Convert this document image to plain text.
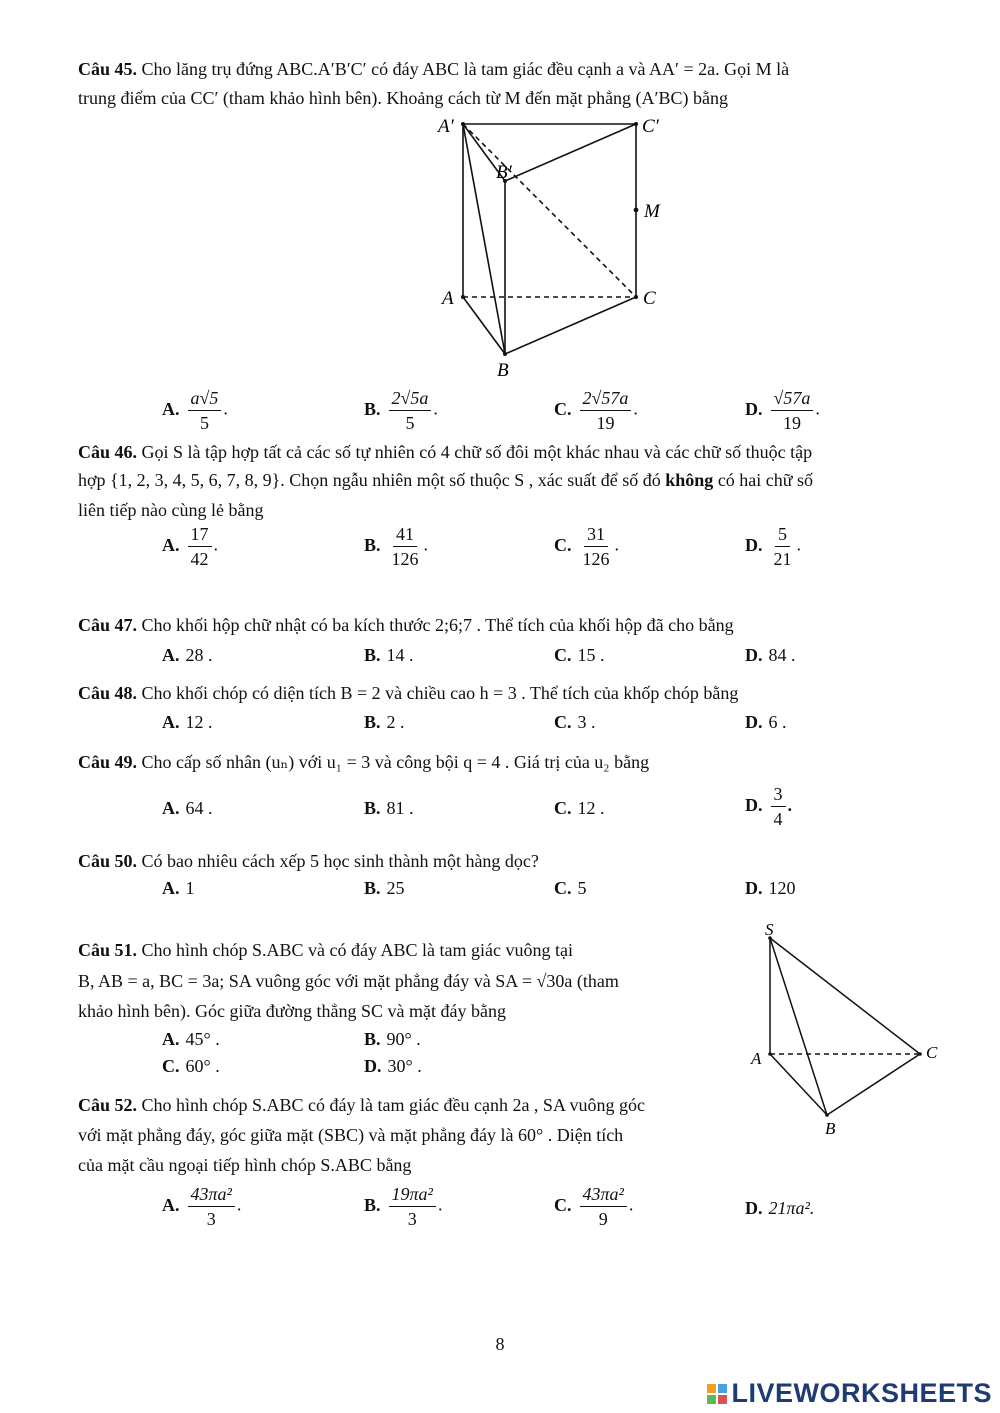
Câu 45. Cho lăng trụ đứng ABC.A′B′C′ có đáy ABC là tam giác đều cạnh a và AA′ = 2a. Gọi M là
trung điểm của CC′ (tham khảo hình bên). Khoảng cách từ M đến mặt phẳng (A′BC) bằng
A′	C′
B′
M
A	C
B
A. $\frac{a√5}{5}$ .	B. $\frac{2√5a}{5}$ .	C. $\frac{2√57a}{19}$ .	D. $\frac{√57a}{19}$ .
Câu 46. Gọi S là tập hợp tất cả các số tự nhiên có 4 chữ số đôi một khác nhau và các chữ số thuộc tập
hợp {1, 2, 3, 4, 5, 6, 7, 8, 9}. Chọn ngẫu nhiên một số thuộc S , xác suất để số đó không có hai chữ số
liên tiếp nào cùng lẻ bằng
A. $\frac{17}{42}$ .	B. $\frac{41}{126}$ .	C. $\frac{31}{126}$ .	D. $\frac{5}{21}$ .
Câu 47. Cho khối hộp chữ nhật có ba kích thước 2;6;7 . Thể tích của khối hộp đã cho bằng
A. 28 .	B. 14 .	C. 15 .	D. 84 .
Câu 48. Cho khối chóp có diện tích B = 2 và chiều cao h = 3 . Thể tích của khốp chóp bằng
A. 12 .	B. 2 .	C. 3 .	D. 6 .
Câu 49. Cho cấp số nhân (uₙ) với u₁ = 3 và công bội q = 4 . Giá trị của u₂ bằng
A. 64 .	B. 81 .	C. 12 .	D. $\frac{3}{4}$ .
Câu 50. Có bao nhiêu cách xếp 5 học sinh thành một hàng dọc?
A. 1	B. 25	C. 5	D. 120
Câu 51. Cho hình chóp S.ABC và có đáy ABC là tam giác vuông tại
B, AB = a, BC = 3a; SA vuông góc với mặt phẳng đáy và SA = √30a (tham
khảo hình bên). Góc giữa đường thẳng SC và mặt đáy bằng
A. 45° .	B. 90° .
C. 60° .	D. 30° .
S
A	C
B
Câu 52. Cho hình chóp S.ABC có đáy là tam giác đều cạnh 2a , SA vuông góc
với mặt phẳng đáy, góc giữa mặt (SBC) và mặt phẳng đáy là 60° . Diện tích
của mặt cầu ngoại tiếp hình chóp S.ABC bằng
A. $\frac{\text{43πa²}}{3}$ .	B. $\frac{\text{19πa²}}{3}$ .	C. $\frac{\text{43πa²}}{9}$ .	D. 21πa².
8
LIVEWORKSHEETS
